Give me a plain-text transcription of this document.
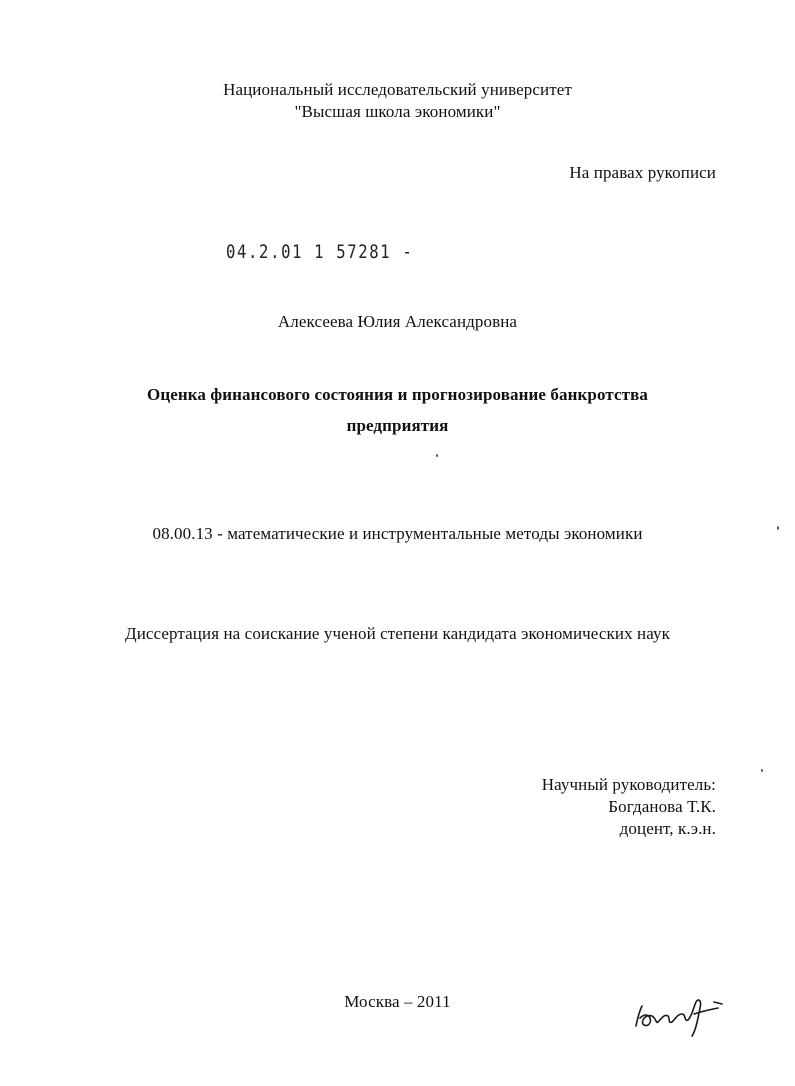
Национальный исследовательский университет
"Высшая школа экономики"
На правах рукописи
04.2.01 1 57281 -
Алексеева Юлия Александровна
Оценка финансового состояния и прогнозирование банкротства
предприятия
08.00.13 - математические и инструментальные методы экономики
Диссертация на соискание ученой степени кандидата экономических наук
Научный руководитель:
Богданова Т.К.
доцент, к.э.н.
Москва – 2011
